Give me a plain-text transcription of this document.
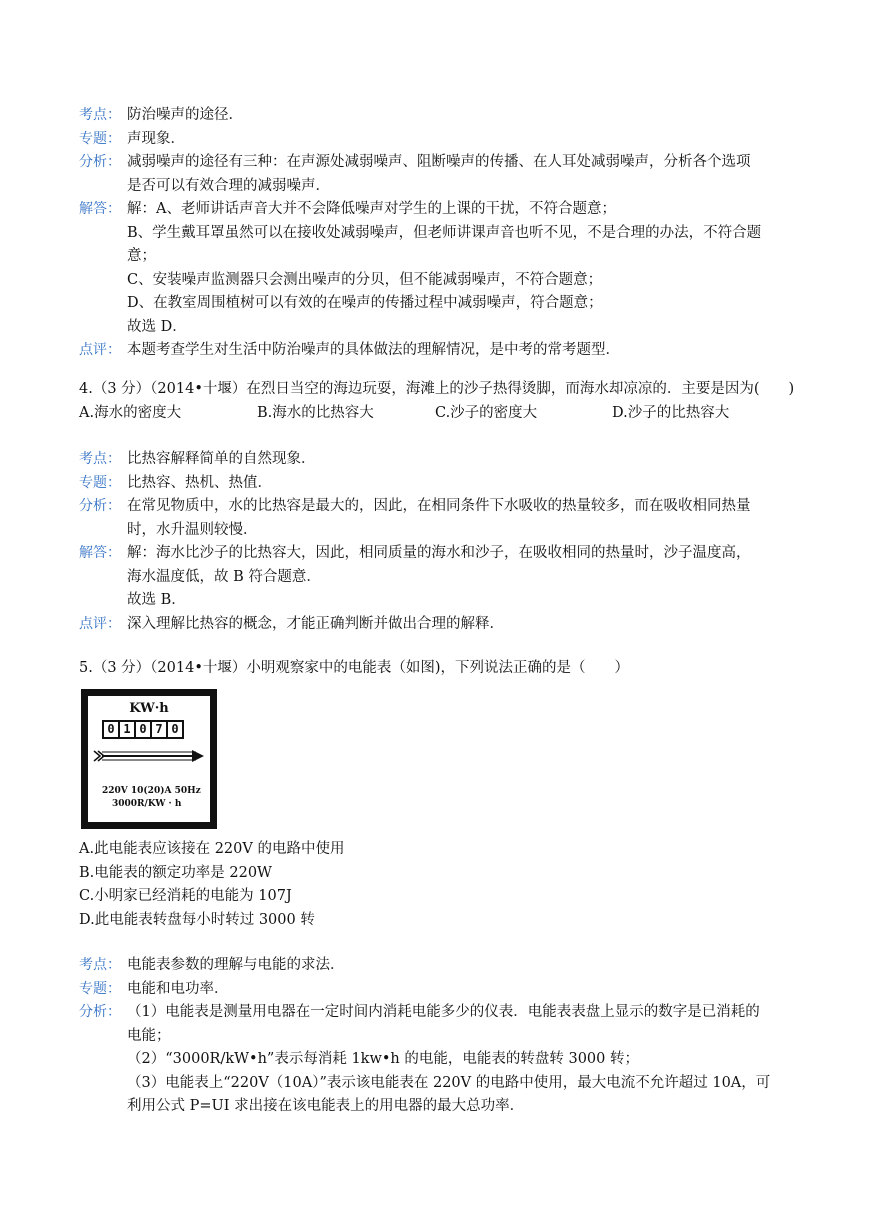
考点： 防治噪声的途径．
专题： 声现象．
分析： 减弱噪声的途径有三种：在声源处减弱噪声、阻断噪声的传播、在人耳处减弱噪声，分析各个选项

是否可以有效合理的减弱噪声．

解答： 解：A、老师讲话声音大并不会降低噪声对学生的上课的干扰，不符合题意；

B、学生戴耳罩虽然可以在接收处减弱噪声，但老师讲课声音也听不见，不是合理的办法，不符合题

意；

C、安装噪声监测器只会测出噪声的分贝，但不能减弱噪声，不符合题意；

D、在教室周围植树可以有效的在噪声的传播过程中减弱噪声，符合题意；

故选 D．

点评： 本题考查学生对生活中防治噪声的具体做法的理解情况，是中考的常考题型．

4.（3 分）（2014•十堰）在烈日当空的海边玩耍，海滩上的沙子热得烫脚，而海水却凉凉的．主要是因为(　　)

A.海水的密度大	B.海水的比热容大	C.沙子的密度大	D.沙子的比热容大
考点： 比热容解释简单的自然现象．
专题： 比热容、热机、热值．
分析： 在常见物质中，水的比热容是最大的，因此，在相同条件下水吸收的热量较多，而在吸收相同热量

时，水升温则较慢．

解答： 解：海水比沙子的比热容大，因此，相同质量的海水和沙子，在吸收相同的热量时，沙子温度高，

海水温度低，故 B 符合题意．

故选 B．

点评： 深入理解比热容的概念，才能正确判断并做出合理的解释．

5.（3 分）（2014•十堰）小明观察家中的电能表（如图)，下列说法正确的是（　　）

KW·h
0 1 0 7 0
220V 10(20)A 50Hz
3000R/KW · h

A.此电能表应该接在 220V 的电路中使用

B.电能表的额定功率是 220W

C.小明家已经消耗的电能为 107J

D.此电能表转盘每小时转过 3000 转

考点： 电能表参数的理解与电能的求法．
专题： 电能和电功率．
分析： （1）电能表是测量用电器在一定时间内消耗电能多少的仪表．电能表表盘上显示的数字是已消耗的

电能；

（2）“3000R/kW•h”表示每消耗 1kw•h 的电能，电能表的转盘转 3000 转；

（3）电能表上“220V（10A）”表示该电能表在 220V 的电路中使用，最大电流不允许超过 10A，可

利用公式 P=UI 求出接在该电能表上的用电器的最大总功率．
